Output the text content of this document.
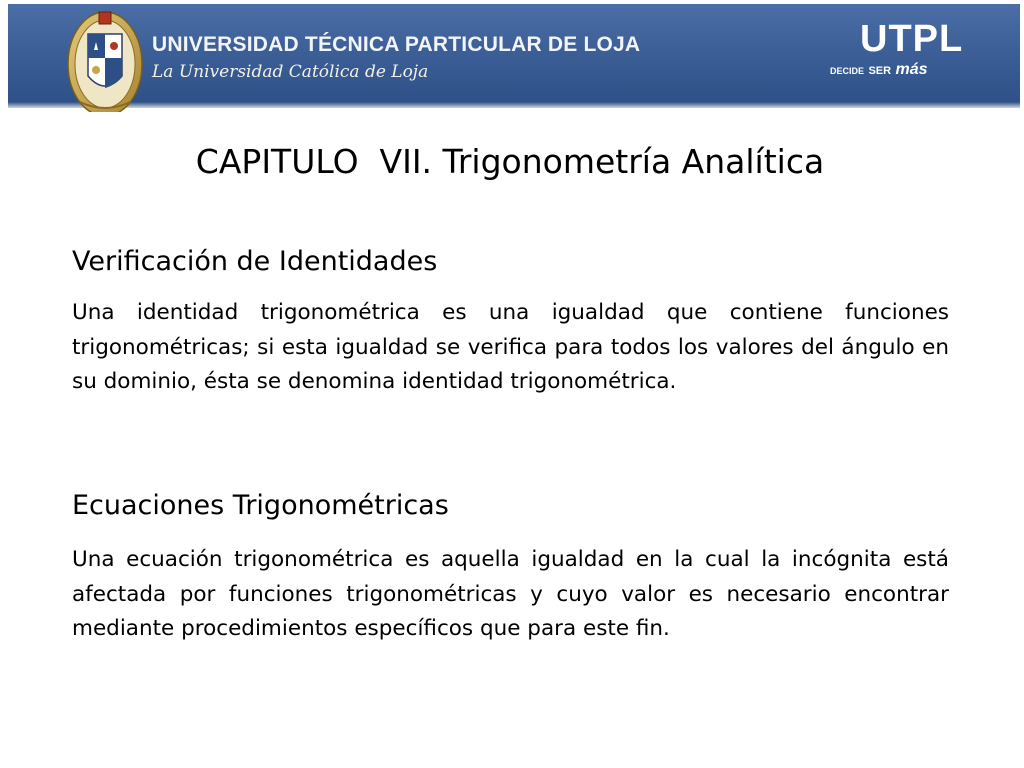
UNIVERSIDAD TÉCNICA PARTICULAR DE LOJA
La Universidad Católica de Loja
UTPL
DECIDE SER más
CAPITULO  VII. Trigonometría Analítica
Verificación de Identidades

Una identidad trigonométrica es una igualdad que contiene funciones trigonométricas; si esta igualdad se verifica para todos los valores del ángulo en su dominio, ésta se denomina identidad trigonométrica.

Ecuaciones Trigonométricas

Una ecuación trigonométrica es aquella igualdad en la cual la incógnita está afectada por funciones trigonométricas y cuyo valor es necesario encontrar mediante procedimientos específicos que para este fin.
